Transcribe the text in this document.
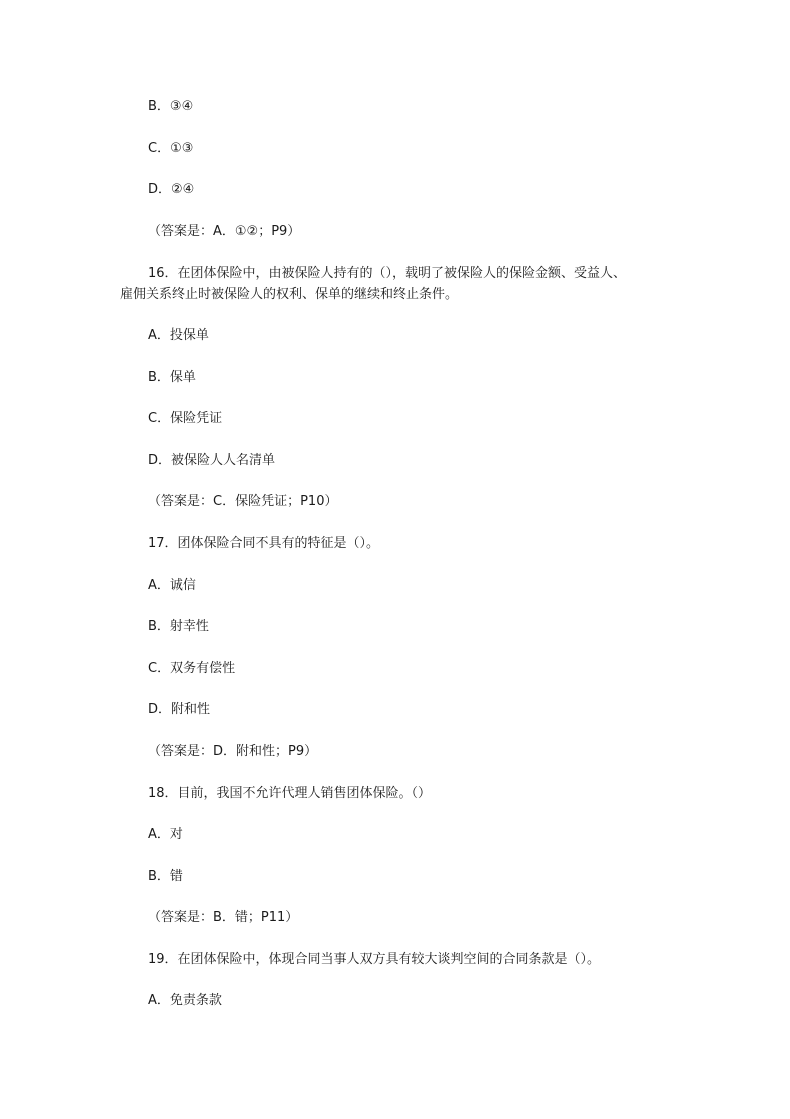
B．③④
C．①③
D．②④
（答案是：A．①②；P9）
16．在团体保险中，由被保险人持有的（），载明了被保险人的保险金额、受益人、
雇佣关系终止时被保险人的权利、保单的继续和终止条件。
A．投保单
B．保单
C．保险凭证
D．被保险人人名清单
（答案是：C．保险凭证；P10）
17．团体保险合同不具有的特征是（）。
A．诚信
B．射幸性
C．双务有偿性
D．附和性
（答案是：D．附和性；P9）
18．目前，我国不允许代理人销售团体保险。（）
A．对
B．错
（答案是：B．错；P11）
19．在团体保险中，体现合同当事人双方具有较大谈判空间的合同条款是（）。
A．免责条款
